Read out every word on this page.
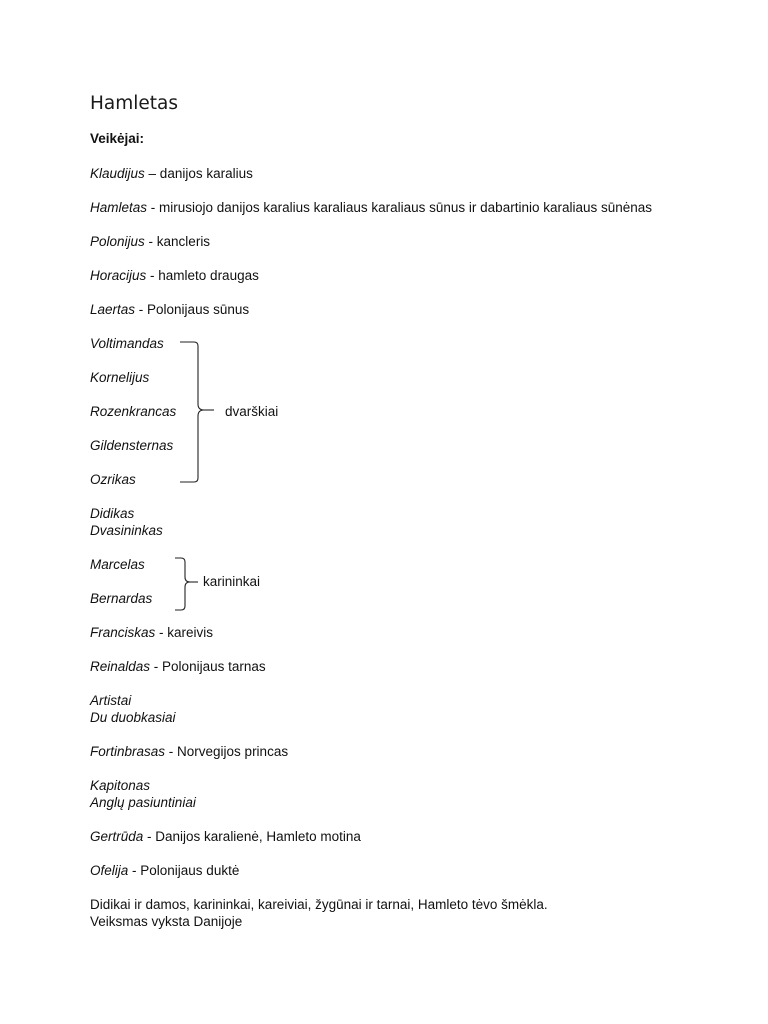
Hamletas
Veikėjai:
Klaudijus – danijos karalius
Hamletas - mirusiojo danijos karalius karaliaus karaliaus sūnus ir dabartinio karaliaus sūnėnas
Polonijus - kancleris
Horacijus - hamleto draugas
Laertas - Polonijaus sūnus
Voltimandas
Kornelijus
Rozenkrancas
Gildensternas
Ozrikas
dvarškiai
Didikas
Dvasininkas
Marcelas
Bernardas
karininkai
Franciskas - kareivis
Reinaldas - Polonijaus tarnas
Artistai
Du duobkasiai
Fortinbrasas - Norvegijos princas
Kapitonas
Anglų pasiuntiniai
Gertrūda - Danijos karalienė, Hamleto motina
Ofelija - Polonijaus duktė
Didikai ir damos, karininkai, kareiviai, žygūnai ir tarnai, Hamleto tėvo šmėkla.
Veiksmas vyksta Danijoje
